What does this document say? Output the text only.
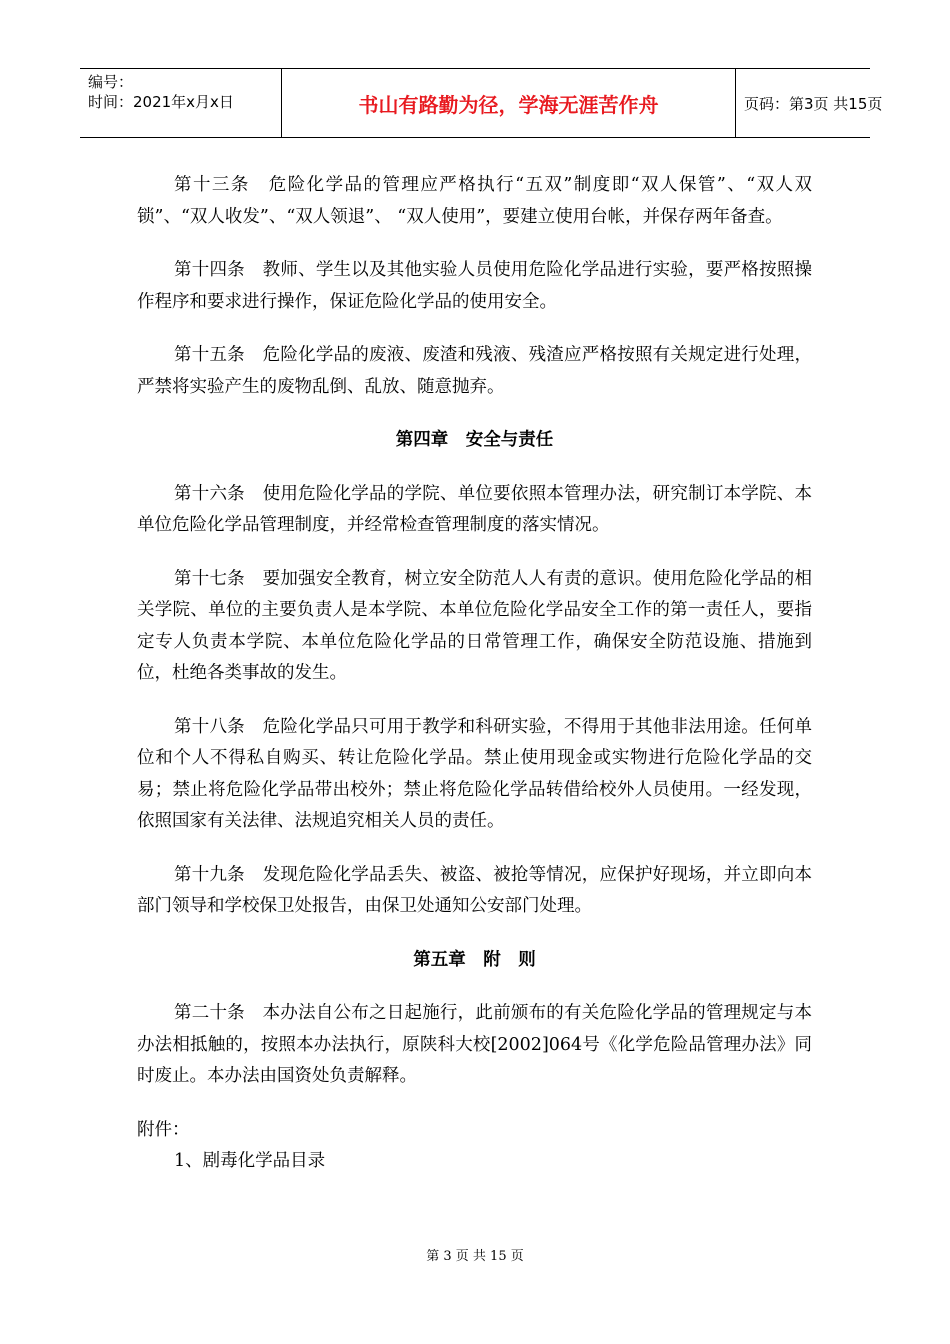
编号：
时间：2021年x月x日	书山有路勤为径，学海无涯苦作舟	页码：第3页 共15页

第十三条　危险化学品的管理应严格执行“五双”制度即“双人保管”、“双人双锁”、“双人收发”、“双人领退”、 “双人使用”，要建立使用台帐，并保存两年备查。

第十四条　教师、学生以及其他实验人员使用危险化学品进行实验，要严格按照操作程序和要求进行操作，保证危险化学品的使用安全。

第十五条　危险化学品的废液、废渣和残液、残渣应严格按照有关规定进行处理，严禁将实验产生的废物乱倒、乱放、随意抛弃。

第四章　安全与责任

第十六条　使用危险化学品的学院、单位要依照本管理办法，研究制订本学院、本单位危险化学品管理制度，并经常检查管理制度的落实情况。

第十七条　要加强安全教育，树立安全防范人人有责的意识。使用危险化学品的相关学院、单位的主要负责人是本学院、本单位危险化学品安全工作的第一责任人，要指定专人负责本学院、本单位危险化学品的日常管理工作，确保安全防范设施、措施到位，杜绝各类事故的发生。

第十八条　危险化学品只可用于教学和科研实验，不得用于其他非法用途。任何单位和个人不得私自购买、转让危险化学品。禁止使用现金或实物进行危险化学品的交易；禁止将危险化学品带出校外；禁止将危险化学品转借给校外人员使用。一经发现，依照国家有关法律、法规追究相关人员的责任。

第十九条　发现危险化学品丢失、被盗、被抢等情况，应保护好现场，并立即向本部门领导和学校保卫处报告，由保卫处通知公安部门处理。

第五章　附　则

第二十条　本办法自公布之日起施行，此前颁布的有关危险化学品的管理规定与本办法相抵触的，按照本办法执行，原陕科大校[2002]064号《化学危险品管理办法》同时废止。本办法由国资处负责解释。

附件：

1、剧毒化学品目录

第 3 页 共 15 页
